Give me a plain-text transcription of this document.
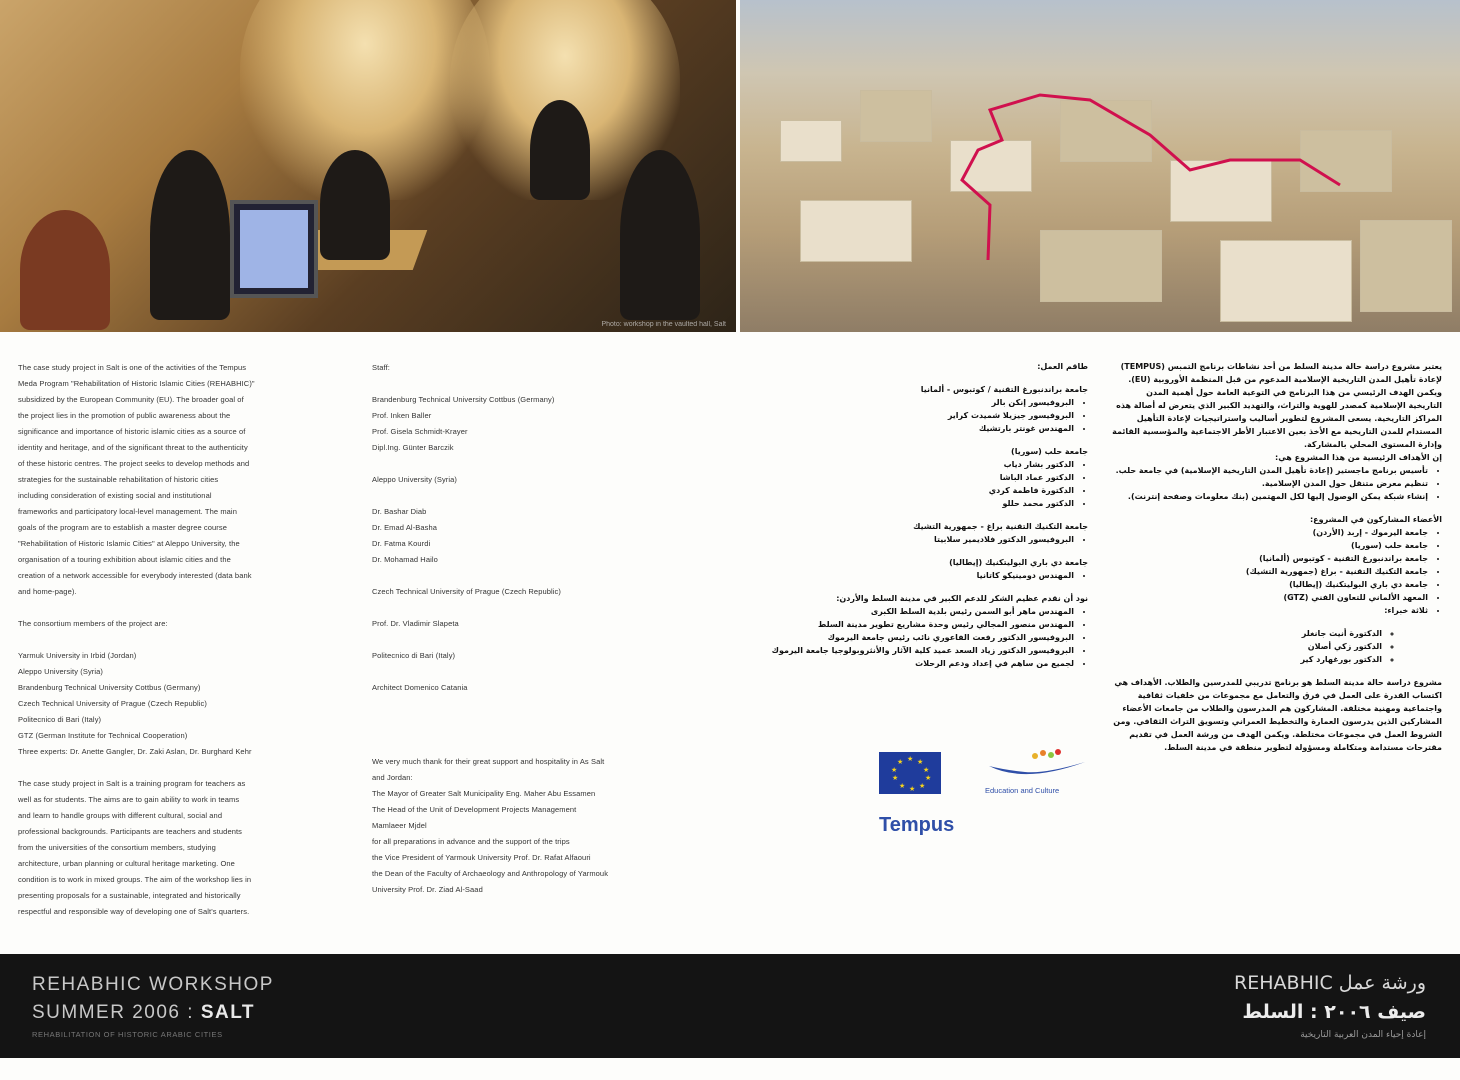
Photo: workshop in the vaulted hall, Salt

The case study project in Salt is one of the activities of the Tempus
Meda Program "Rehabilitation of Historic Islamic Cities (REHABHIC)"
subsidized by the European Community (EU). The broader goal of
the project lies in the promotion of public awareness about the
significance and importance of historic islamic cities as a source of
identity and heritage, and of the significant threat to the authenticity
of these historic centres. The project seeks to develop methods and
strategies for the sustainable rehabilitation of historic cities
including consideration of existing social and institutional
frameworks and participatory local-level management. The main
goals of the program are to establish a master degree course
"Rehabilitation of Historic Islamic Cities" at Aleppo University, the
organisation of a touring exhibition about islamic cities and the
creation of a network accessible for everybody interested (data bank
and home-page).

The consortium members of the project are:

Yarmuk University in Irbid (Jordan)
Aleppo University (Syria)
Brandenburg Technical University Cottbus (Germany)
Czech Technical University of Prague (Czech Republic)
Politecnico di Bari (Italy)
GTZ (German Institute for Technical Cooperation)
Three experts: Dr. Anette Gangler, Dr. Zaki Aslan, Dr. Burghard Kehr

The case study project in Salt is a training program for teachers as
well as for students. The aims are to gain ability to work in teams
and learn to handle groups with different cultural, social and
professional backgrounds. Participants are teachers and students
from the universities of the consortium members, studying
architecture, urban planning or cultural heritage marketing. One
condition is to work in mixed groups. The aim of the workshop lies in
presenting proposals for a sustainable, integrated and historically
respectful and responsible way of developing one of Salt's quarters.

Staff:

Brandenburg Technical University Cottbus (Germany)
Prof. Inken Baller
Prof. Gisela Schmidt-Krayer
Dipl.Ing. Günter Barczik

Aleppo University (Syria)

Dr. Bashar Diab
Dr. Emad Al-Basha
Dr. Fatma Kourdi
Dr. Mohamad Hailo

Czech Technical University of Prague (Czech Republic)

Prof. Dr. Vladimir Slapeta

Politecnico di Bari (Italy)

Architect Domenico Catania

We very much thank for their great support and hospitality in As Salt
and Jordan:
The Mayor of Greater Salt Municipality Eng. Maher Abu Essamen
The Head of the Unit of Development Projects Management
Mamlaeer Mjdel
for all preparations in advance and the support of the trips
the Vice President of Yarmouk University Prof. Dr. Rafat Alfaouri
the Dean of the Faculty of Archaeology and Anthropology of Yarmouk
University Prof. Dr. Ziad Al-Saad

طاقم العمل:
جامعة براندنبورغ التقنية / كوتبوس - ألمانيا
• البروفيسور إنكن بالر
• البروفيسور جيزيلا شميدت كراير
• المهندس غونتر بارتشيك
جامعة حلب (سوريا)
• الدكتور بشار دياب
• الدكتور عماد الباشا
• الدكتورة فاطمة كردي
• الدكتور محمد حللو
جامعة التكنيك التقنية براغ - جمهورية التشيك
• البروفيسور الدكتور فلاديمير سلابيتا
جامعة دي باري البوليتكنيك (إيطاليا)
• المهندس دومينيكو كاتانيا
نود أن نقدم عظيم الشكر للدعم الكبير في مدينة السلط والأردن:
• المهندس ماهر أبو السمن رئيس بلدية السلط الكبرى
• المهندس منصور المجالي رئيس وحدة مشاريع تطوير مدينة السلط
• البروفيسور الدكتور رفعت الفاعوري نائب رئيس جامعة اليرموك
• البروفيسور الدكتور زياد السعد عميد كلية الآثار والأنثروبولوجيا جامعة اليرموك
• لجميع من ساهم في إعداد ودعم الرحلات
يعتبر مشروع دراسة حالة مدينة السلط من أحد نشاطات برنامج التمبس (TEMPUS) لإعادة تأهيل المدن التاريخية الإسلامية المدعوم من قبل المنظمة الأوروبية (EU). ويكمن الهدف الرئيسي من هذا البرنامج في التوعية العامة حول أهمية المدن التاريخية الإسلامية كمصدر للهوية والتراث، والتهديد الكبير الذي يتعرض له أصالة هذه المراكز التاريخية. يسعى المشروع لتطوير أساليب واستراتيجيات لإعادة التأهيل المستدام للمدن التاريخية مع الأخذ بعين الاعتبار الأطر الاجتماعية والمؤسسية القائمة وإدارة المستوى المحلي بالمشاركة.
إن الأهداف الرئيسية من هذا المشروع هي:
• تأسيس برنامج ماجستير (إعادة تأهيل المدن التاريخية الإسلامية) في جامعة حلب.
• تنظيم معرض متنقل حول المدن الإسلامية.
• إنشاء شبكة يمكن الوصول إليها لكل المهتمين (بنك معلومات وصفحة إنترنت).
الأعضاء المشاركون في المشروع:
• جامعة اليرموك - إربد (الأردن)
• جامعة حلب (سوريا)
• جامعة براندنبورغ التقنية - كوتبوس (ألمانيا)
• جامعة التكنيك التقنية - براغ (جمهورية التشيك)
• جامعة دي باري البوليتكنيك (إيطاليا)
• المعهد الألماني للتعاون الفني (GTZ)
• ثلاثة خبراء:
◦ الدكتورة أنيت جانغلر
◦ الدكتور زكي أصلان
◦ الدكتور بورغهارد كير
مشروع دراسة حالة مدينة السلط هو برنامج تدريبي للمدرسين والطلاب. الأهداف هي اكتساب القدرة على العمل في فرق والتعامل مع مجموعات من خلفيات ثقافية واجتماعية ومهنية مختلفة. المشاركون هم المدرسون والطلاب من جامعات الأعضاء المشاركين الذين يدرسون العمارة والتخطيط العمراني وتسويق التراث الثقافي. ومن الشروط العمل في مجموعات مختلطة. ويكمن الهدف من ورشة العمل في تقديم مقترحات مستدامة ومتكاملة ومسؤولة لتطوير منطقة في مدينة السلط.
★ ★
★
★
★
★
★
★
★
★
Tempus
Education and Culture
REHABHIC WORKSHOP
SUMMER 2006 : SALT
REHABILITATION OF HISTORIC ARABIC CITIES
REHABHIC ورشة عمل
صيف ٢٠٠٦ : السلط
إعادة إحياء المدن العربية التاريخية
